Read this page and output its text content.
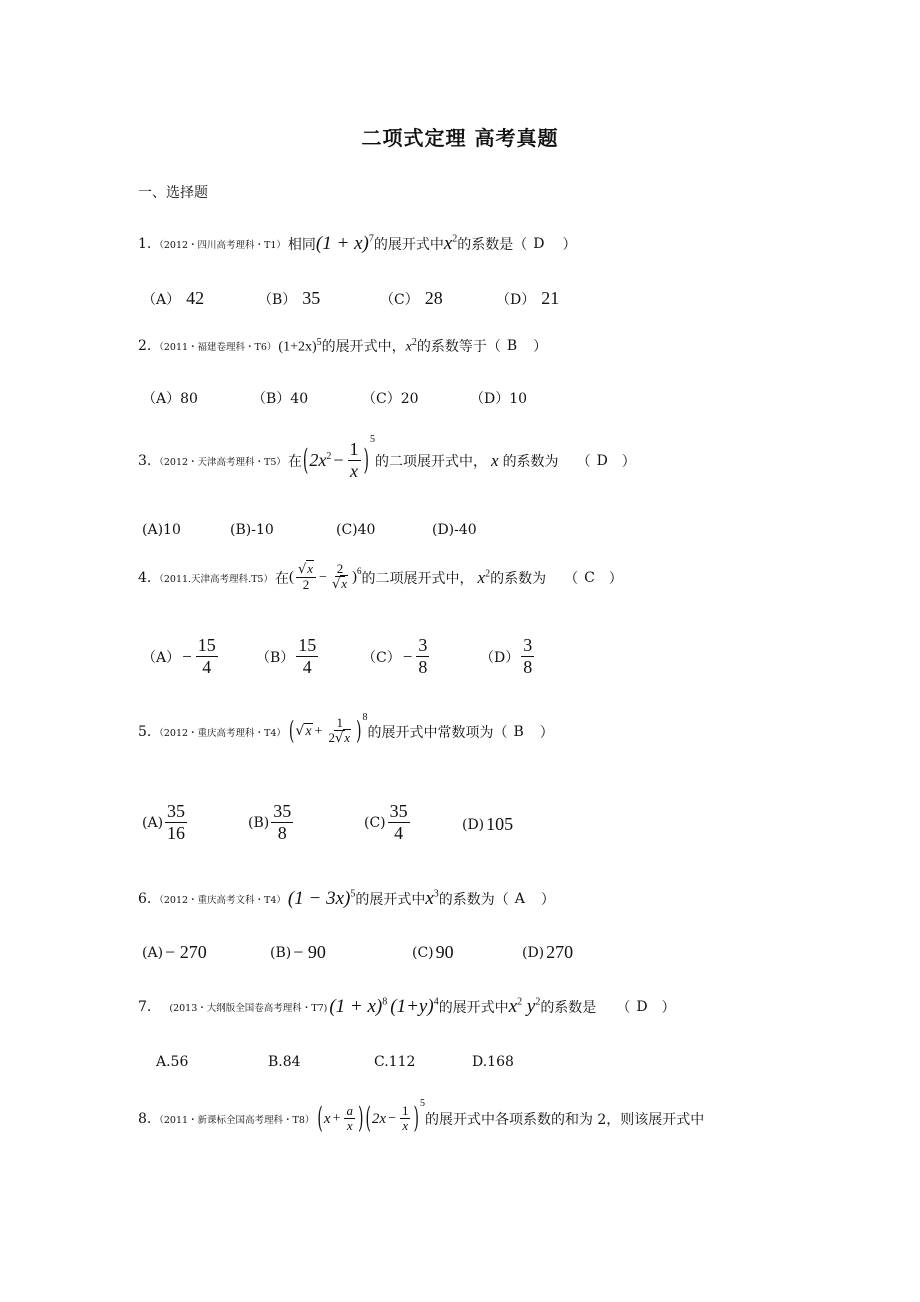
二项式定理 高考真题
一、选择题
1. （2012・四川高考理科・T1） 相同 $(1 + x)^7$ 的展开式中 $x^2$ 的系数是（ D ）
（A） 42	（B） 35	（C） 28	（D） 21
2. （2011・福建卷理科・T6） $(1+2x)^5$ 的展开式中， $x^2$ 的系数等于（ B ）
（A）80	（B）40	（C）20	（D）10
3. （2012・天津高考理科・T5） 在 ( $2x^2 - \frac{1}{x}$ )
$^5$
的二项展开式中， x 的系数为 （ D ）
(A)10	(B)-10	(C)40	(D)-40
4. （2011.天津高考理科.T5） 在 ( $\frac{√x}{2} - \frac{2}{√x} )^6$ 的二项展开式中， $x^2$ 的系数为 （ C ）
$(A) - \frac{15}{4}$	$(B) \frac{15}{4}$	$(C) - \frac{3}{8}$	$(D) \frac{3}{8}$
5. （2012・重庆高考理科・T4） ( $√x + \frac{1}{2√x} )^8$
的展开式中常数项为（ B ）
$(A) \frac{35}{16}$	$(B) \frac{35}{8}$	$(C) \frac{35}{4}$	(D) 105
6. （2012・重庆高考文科・T4） $(1 - 3x)^5$ 的展开式中 $x^3$ 的系数为（ A ）
(A) − 270	(B) − 90	(C) 90	(D) 270
7. (2013・大纲版全国卷高考理科・T7) $(1 + x)^8$ $(1+y)^4$ 的展开式中 $x^2$ $y^2$ 的系数是 （ D ）
A.56	B.84	C.112	D.168
8. （2011・新课标全国高考理科・T8） ( $x + \frac{a}{x}$ ) ( $2x - \frac{1}{x} )^5$
的展开式中各项系数的和为 2，则该展开式中
